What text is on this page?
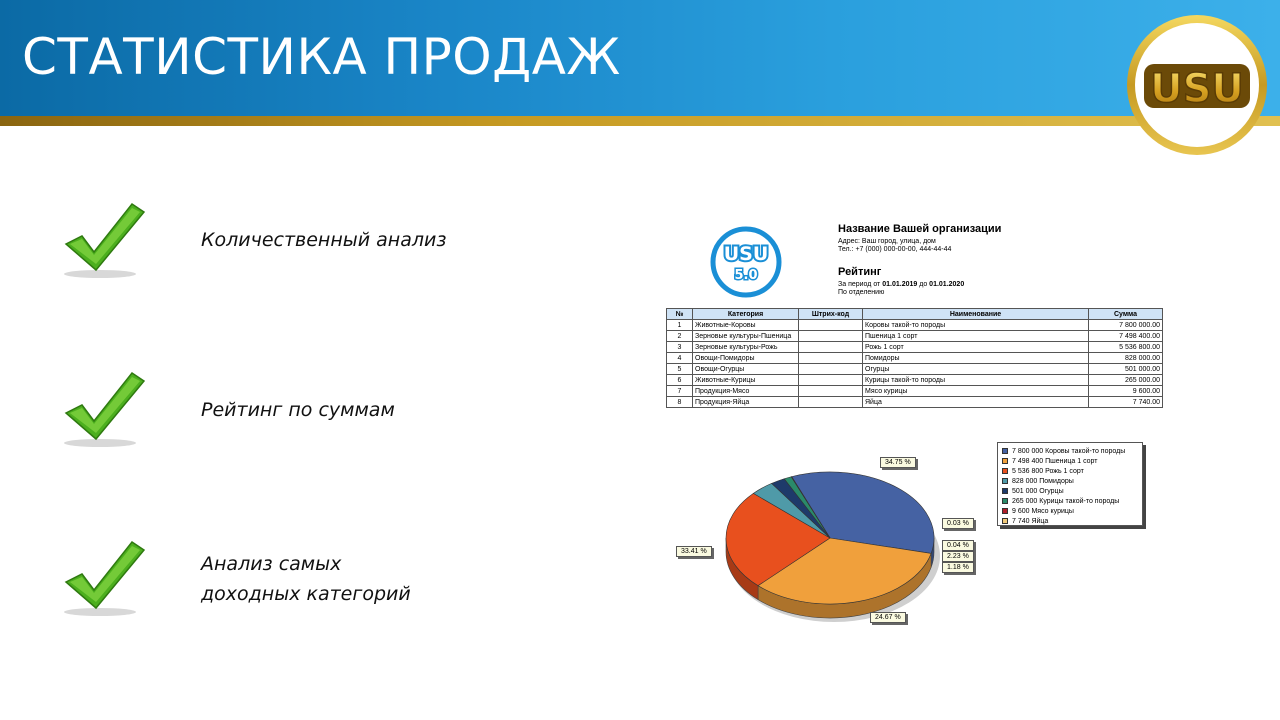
СТАТИСТИКА ПРОДАЖ
USU
Количественный анализ
Рейтинг по суммам
Анализ самых
доходных категорий
USU
5.0
Название Вашей организации
Адрес: Ваш город, улица, дом
Тел.: +7 (000) 000-00-00, 444-44-44
Рейтинг
За период от 01.01.2019 до 01.01.2020
По отделению
№	Категория	Штрих-код	Наименование	Сумма
1	Животные-Коровы		Коровы такой-то породы	7 800 000.00
2	Зерновые культуры-Пшеница		Пшеница 1 сорт	7 498 400.00
3	Зерновые культуры-Рожь		Рожь 1 сорт	5 536 800.00
4	Овощи-Помидоры		Помидоры	828 000.00
5	Овощи-Огурцы		Огурцы	501 000.00
6	Животные-Курицы		Курицы такой-то породы	265 000.00
7	Продукция-Мясо		Мясо курицы	9 600.00
8	Продукция-Яйца		Яйца	7 740.00
7 800 000 Коровы такой-то породы
7 498 400 Пшеница 1 сорт
5 536 800 Рожь 1 сорт
828 000 Помидоры
501 000 Огурцы
265 000 Курицы такой-то породы
9 600 Мясо курицы
7 740 Яйца
34.75 %
33.41 %
24.67 %
0.03 %
0.04 %
2.23 %
1.18 %
